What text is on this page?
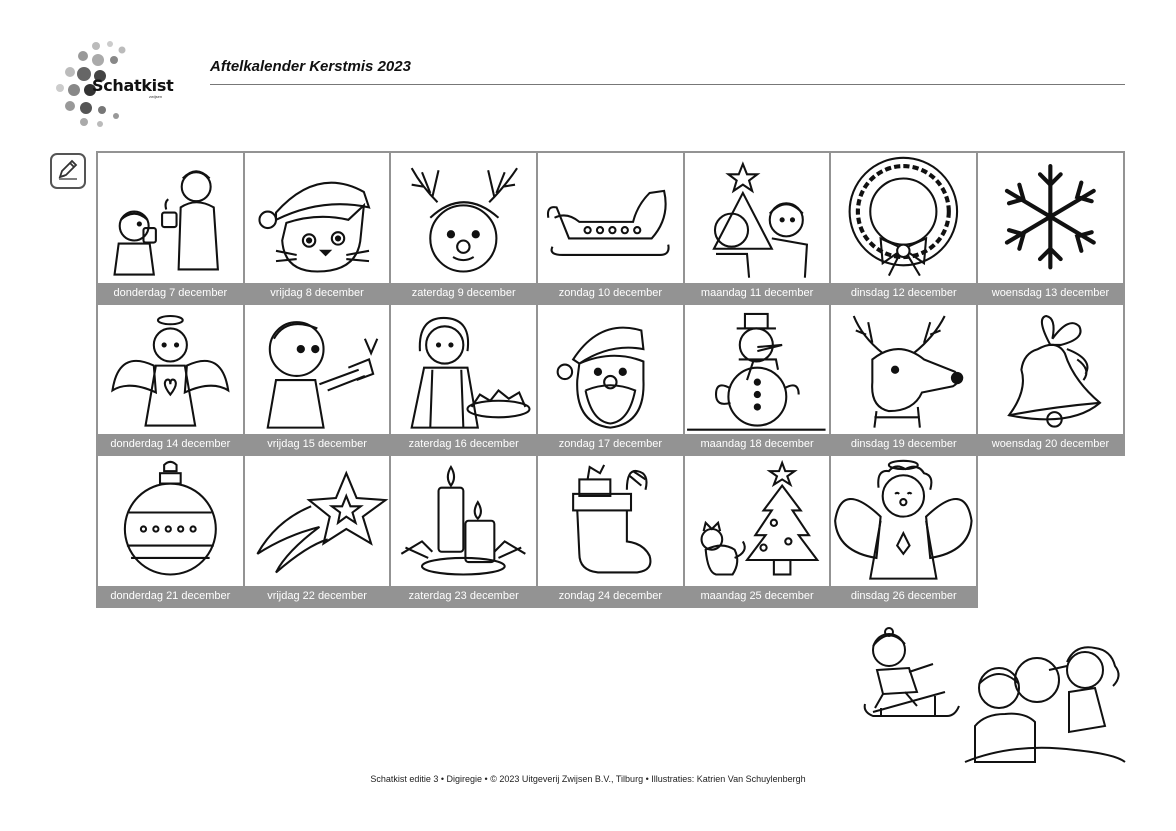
Schatkist
zwijsen
Aftelkalender Kerstmis 2023
donderdag 7 december	vrijdag 8 december	zaterdag 9 december	zondag 10 december	maandag 11 december	dinsdag 12 december	woensdag 13 december
donderdag 14 december	vrijdag 15 december	zaterdag 16 december	zondag 17 december	maandag 18 december	dinsdag 19 december	woensdag 20 december
donderdag 21 december	vrijdag 22 december	zaterdag 23 december	zondag 24 december	maandag 25 december	dinsdag 26 december
Schatkist editie 3 • Digiregie • © 2023 Uitgeverij Zwijsen B.V., Tilburg • Illustraties: Katrien Van Schuylenbergh
